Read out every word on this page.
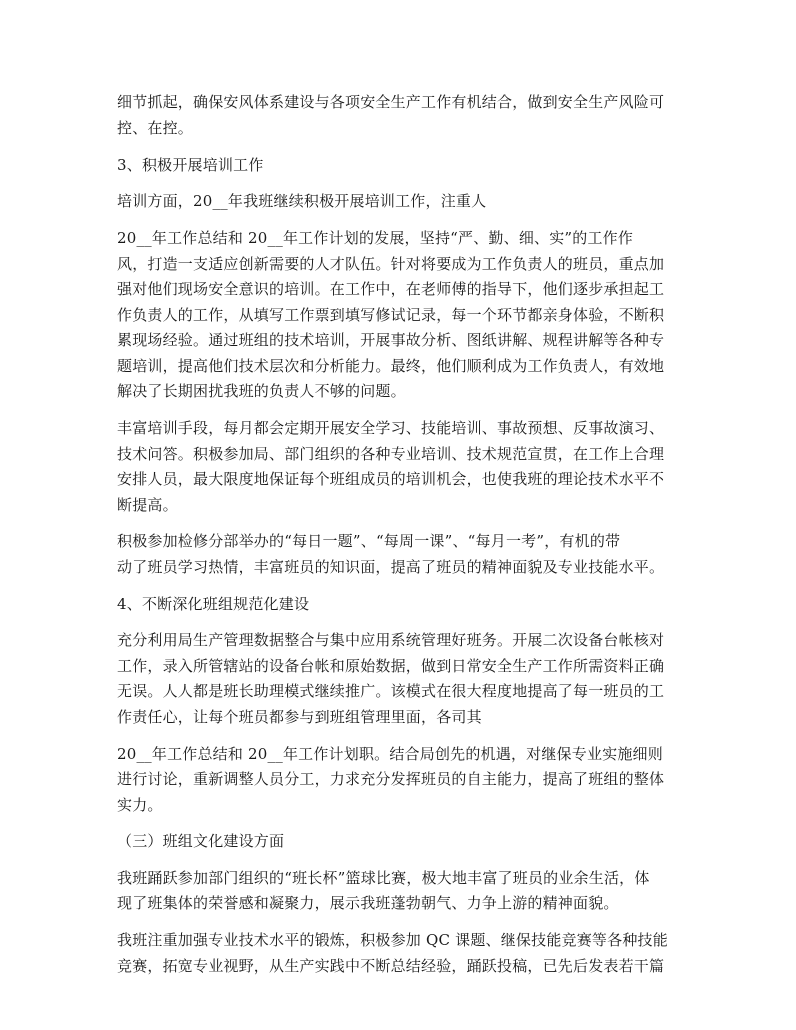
细节抓起，确保安风体系建设与各项安全生产工作有机结合，做到安全生产风险可
控、在控。
3、积极开展培训工作
培训方面，20__年我班继续积极开展培训工作，注重人
20__年工作总结和 20__年工作计划的发展，坚持“严、勤、细、实”的工作作
风，打造一支适应创新需要的人才队伍。针对将要成为工作负责人的班员，重点加
强对他们现场安全意识的培训。在工作中，在老师傅的指导下，他们逐步承担起工
作负责人的工作，从填写工作票到填写修试记录，每一个环节都亲身体验，不断积
累现场经验。通过班组的技术培训，开展事故分析、图纸讲解、规程讲解等各种专
题培训，提高他们技术层次和分析能力。最终，他们顺利成为工作负责人，有效地
解决了长期困扰我班的负责人不够的问题。
丰富培训手段，每月都会定期开展安全学习、技能培训、事故预想、反事故演习、
技术问答。积极参加局、部门组织的各种专业培训、技术规范宣贯，在工作上合理
安排人员，最大限度地保证每个班组成员的培训机会，也使我班的理论技术水平不
断提高。
积极参加检修分部举办的“每日一题”、“每周一课”、“每月一考”，有机的带
动了班员学习热情，丰富班员的知识面，提高了班员的精神面貌及专业技能水平。
4、不断深化班组规范化建设
充分利用局生产管理数据整合与集中应用系统管理好班务。开展二次设备台帐核对
工作，录入所管辖站的设备台帐和原始数据，做到日常安全生产工作所需资料正确
无误。人人都是班长助理模式继续推广。该模式在很大程度地提高了每一班员的工
作责任心，让每个班员都参与到班组管理里面，各司其
20__年工作总结和 20__年工作计划职。结合局创先的机遇，对继保专业实施细则
进行讨论，重新调整人员分工，力求充分发挥班员的自主能力，提高了班组的整体
实力。
（三）班组文化建设方面
我班踊跃参加部门组织的“班长杯”篮球比赛，极大地丰富了班员的业余生活，体
现了班集体的荣誉感和凝聚力，展示我班蓬勃朝气、力争上游的精神面貌。
我班注重加强专业技术水平的锻炼，积极参加 QC 课题、继保技能竞赛等各种技能
竞赛，拓宽专业视野，从生产实践中不断总结经验，踊跃投稿，已先后发表若干篇
